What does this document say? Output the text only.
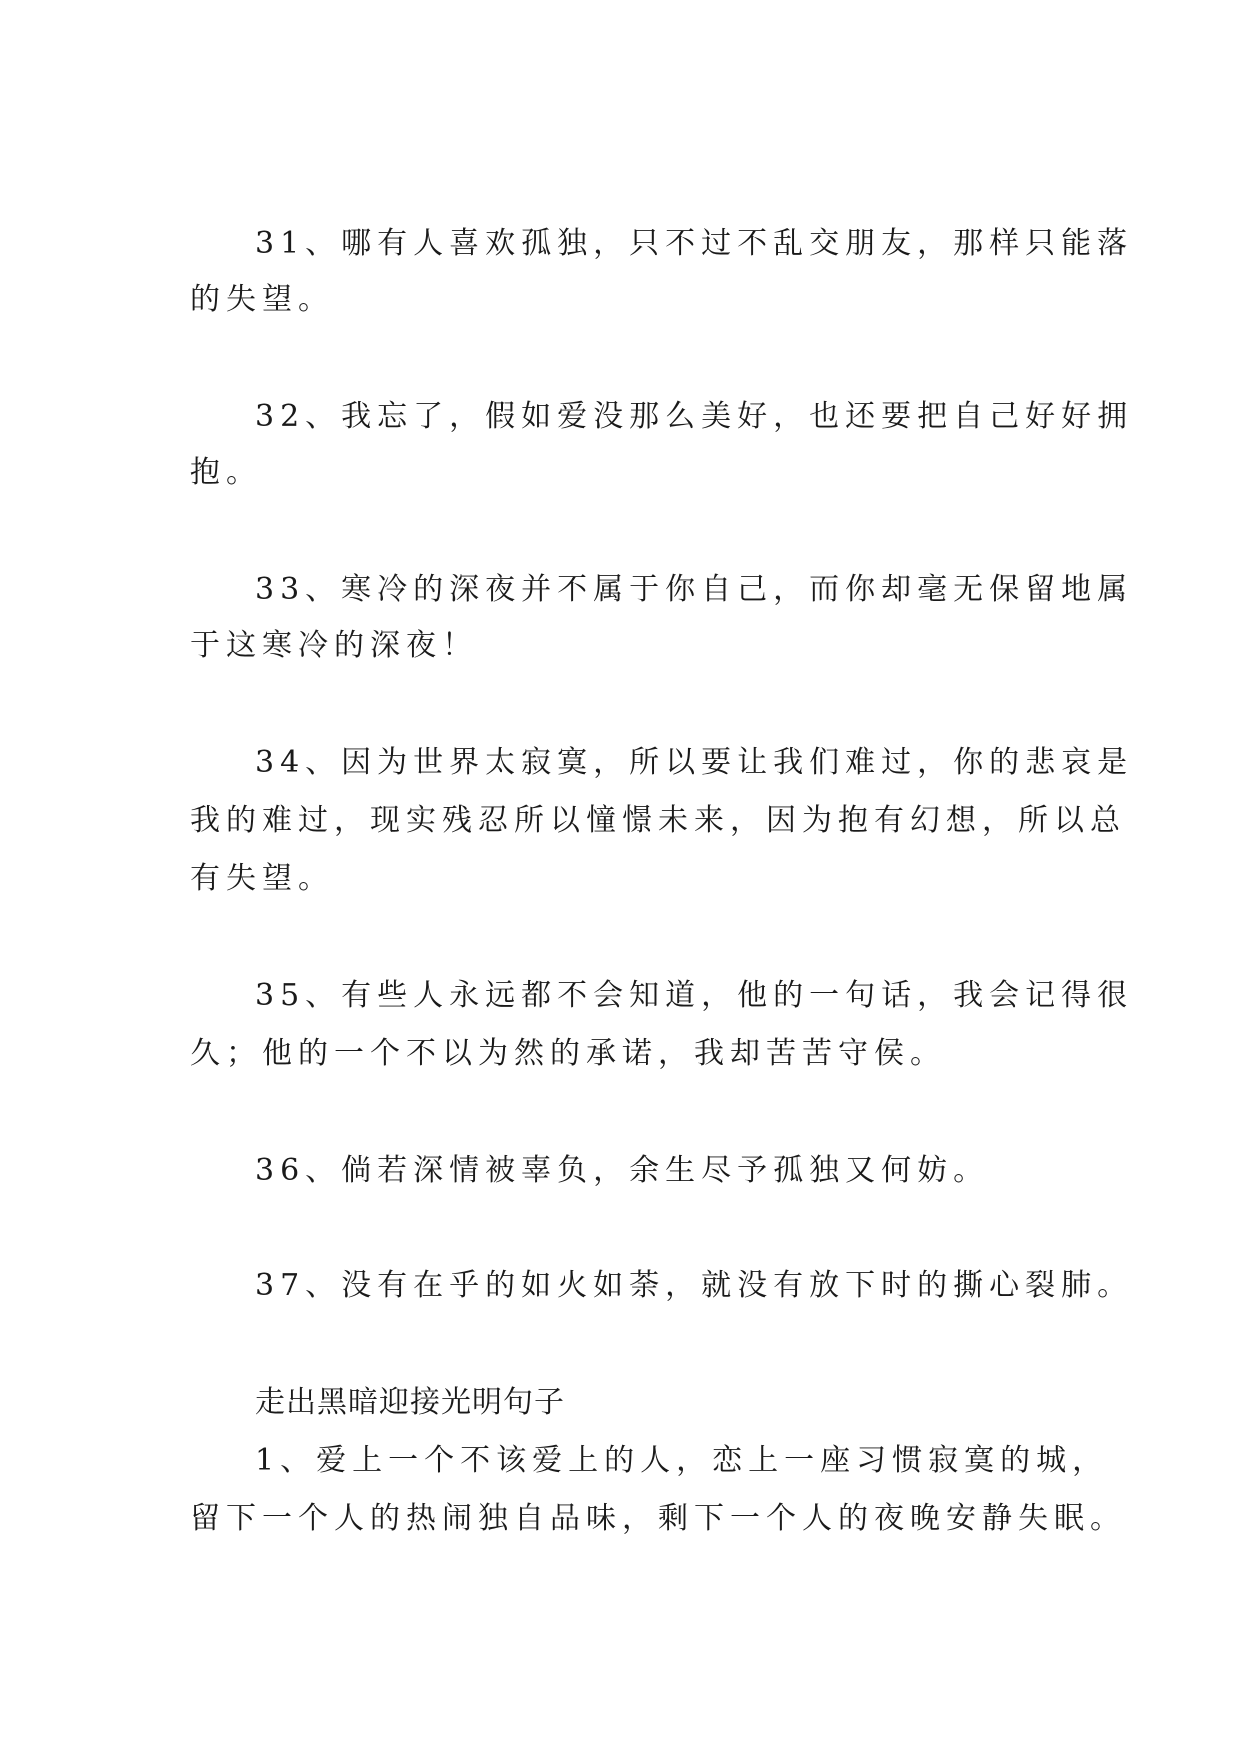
31、哪有人喜欢孤独，只不过不乱交朋友，那样只能落
的失望。
32、我忘了，假如爱没那么美好，也还要把自己好好拥
抱。
33、寒冷的深夜并不属于你自己，而你却毫无保留地属
于这寒冷的深夜！
34、因为世界太寂寞，所以要让我们难过，你的悲哀是
我的难过，现实残忍所以憧憬未来，因为抱有幻想，所以总
有失望。
35、有些人永远都不会知道，他的一句话，我会记得很
久；他的一个不以为然的承诺，我却苦苦守侯。
36、倘若深情被辜负，余生尽予孤独又何妨。
37、没有在乎的如火如荼，就没有放下时的撕心裂肺。
走出黑暗迎接光明句子
1、爱上一个不该爱上的人，恋上一座习惯寂寞的城，
留下一个人的热闹独自品味，剩下一个人的夜晚安静失眠。
